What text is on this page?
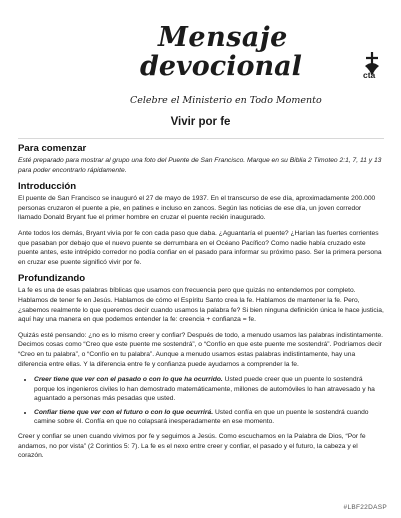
Mensaje
devocional
Celebre el Ministerio en Todo Momento
cta
Vivir por fe
Para comenzar
Esté preparado para mostrar al grupo una foto del Puente de San Francisco. Marque en su Biblia 2 Timoteo 2:1, 7, 11 y 13 para poder encontrarlo rápidamente.
Introducción
El puente de San Francisco se inauguró el 27 de mayo de 1937. En el transcurso de ese día, aproximadamente 200.000 personas cruzaron el puente a pie, en patines e incluso en zancos. Según las noticias de ese día, un joven corredor llamado Donald Bryant fue el primer hombre en cruzar el puente recién inaugurado.
Ante todos los demás, Bryant vivía por fe con cada paso que daba. ¿Aguantaría el puente? ¿Harían las fuertes corrientes que pasaban por debajo que el nuevo puente se derrumbara en el Océano Pacífico? Como nadie había cruzado este puente antes, este intrépido corredor no podía confiar en el pasado para informar su próximo paso. Ser la primera persona en cruzar ese puente significó vivir por fe.
Profundizando
La fe es una de esas palabras bíblicas que usamos con frecuencia pero que quizás no entendemos por completo. Hablamos de tener fe en Jesús. Hablamos de cómo el Espíritu Santo crea la fe. Hablamos de mantener la fe. Pero, ¿sabemos realmente lo que queremos decir cuando usamos la palabra fe? Si bien ninguna definición única le hace justicia, aquí hay una manera en que podemos entender la fe: creencia + confianza = fe.
Quizás esté pensando: ¿no es lo mismo creer y confiar? Después de todo, a menudo usamos las palabras indistintamente. Decimos cosas como “Creo que este puente me sostendrá”, o “Confío en que este puente me sostendrá”. Podríamos decir “Creo en tu palabra”, o “Confío en tu palabra”. Aunque a menudo usamos estas palabras indistintamente, hay una diferencia entre ellas. Y la diferencia entre fe y confianza puede ayudarnos a comprender la fe.
• Creer tiene que ver con el pasado o con lo que ha ocurrido. Usted puede creer que un puente lo sostendrá porque los ingenieros civiles lo han demostrado matemáticamente, millones de automóviles lo han atravesado y ha aguantado a personas más pesadas que usted.
• Confiar tiene que ver con el futuro o con lo que ocurrirá. Usted confía en que un puente le sostendrá cuando camine sobre él. Confía en que no colapsará inesperadamente en ese momento.
Creer y confiar se unen cuando vivimos por fe y seguimos a Jesús. Como escuchamos en la Palabra de Dios, “Por fe andamos, no por vista” (2 Corintios 5: 7). La fe es el nexo entre creer y confiar, el pasado y el futuro, la cabeza y el corazón.
#LBF22DASP
